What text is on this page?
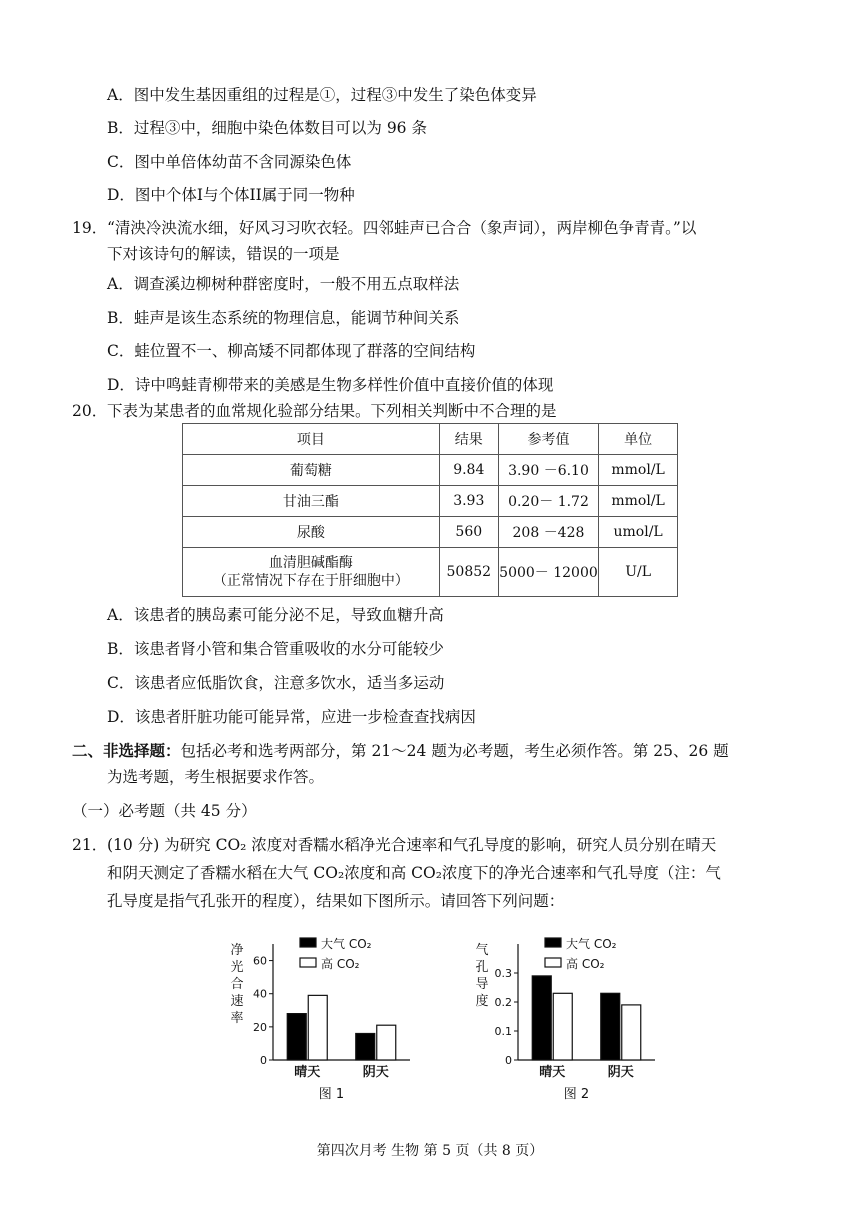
A．图中发生基因重组的过程是①，过程③中发生了染色体变异
B．过程③中，细胞中染色体数目可以为 96 条
C．图中单倍体幼苗不含同源染色体
D．图中个体I与个体II属于同一物种
19． “清泱冷泱流水细，好风习习吹衣轻。四邻蛙声已合合（象声词），两岸柳色争青青。”以
下对该诗句的解读，错误的一项是
A．调查溪边柳树种群密度时，一般不用五点取样法
B．蛙声是该生态系统的物理信息，能调节种间关系
C．蛙位置不一、柳高矮不同都体现了群落的空间结构
D．诗中鸣蛙青柳带来的美感是生物多样性价值中直接价值的体现
20． 下表为某患者的血常规化验部分结果。下列相关判断中不合理的是
项目	结果	参考值	单位
葡萄糖	9.84	3.90 －6.10	mmol/L
甘油三酯	3.93	0.20－ 1.72	mmol/L
尿酸	560	208 －428	umol/L

血清胆碱酯酶
（正常情况下存在于肝细胞中）	50852	5000－ 12000	U/L
A．该患者的胰岛素可能分泌不足，导致血糖升高
B．该患者肾小管和集合管重吸收的水分可能较少
C．该患者应低脂饮食，注意多饮水，适当多运动
D．该患者肝脏功能可能异常，应进一步检查查找病因
二、非选择题：包括必考和选考两部分，第 21～24 题为必考题，考生必须作答。第 25、26 题
为选考题，考生根据要求作答。
（一）必考题（共 45 分）
21． (10 分) 为研究 CO₂ 浓度对香糯水稻净光合速率和气孔导度的影响，研究人员分别在晴天
和阴天测定了香糯水稻在大气 CO₂浓度和高 CO₂浓度下的净光合速率和气孔导度（注：气
孔导度是指气孔张开的程度），结果如下图所示。请回答下列问题：
净
光
合
速
率
0
20
40
60
晴天	阴天
大气 CO₂
高 CO₂
图 1
气
孔
导
度
0
0.1
0.2
0.3
晴天	阴天
大气 CO₂
高 CO₂
图 2
第四次月考 生物 第 5 页（共 8 页）
